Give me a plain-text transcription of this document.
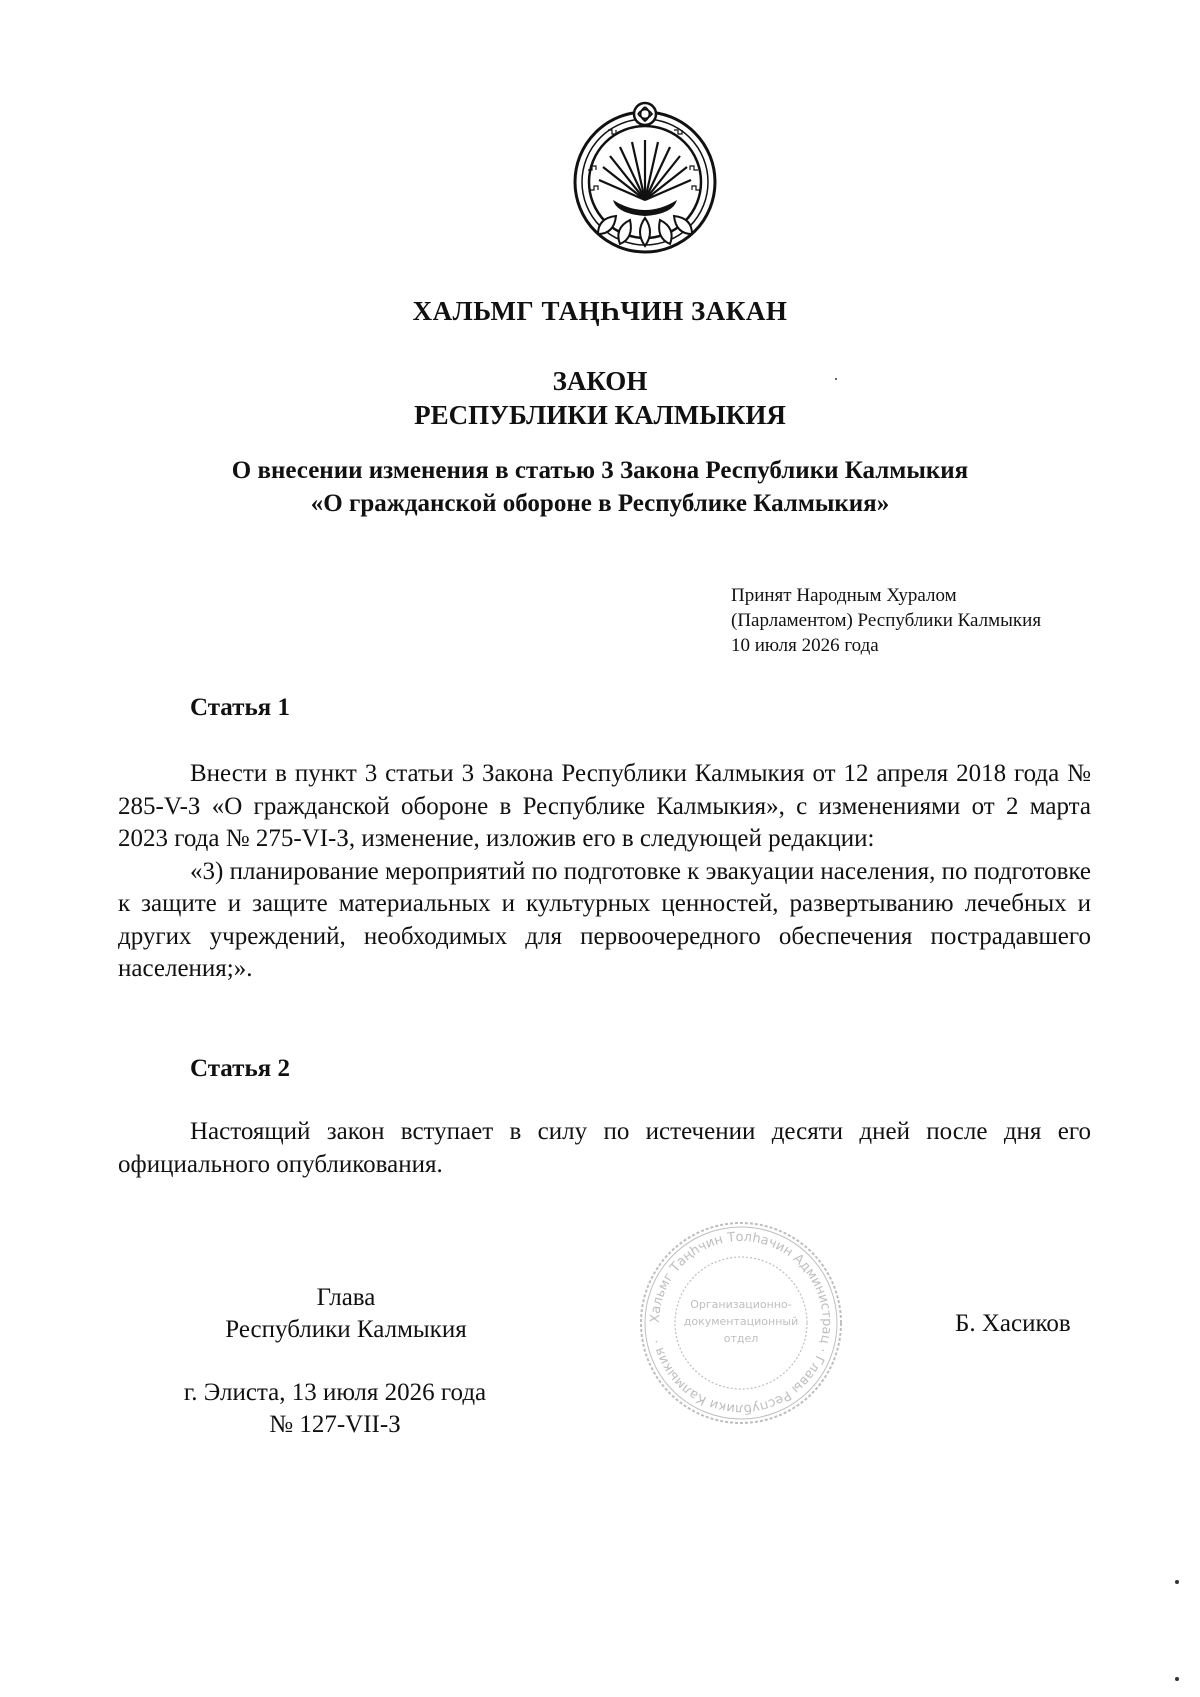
ХАЛЬМГ ТАҢҺЧИН ЗАКАН
ЗАКОН
РЕСПУБЛИКИ КАЛМЫКИЯ
О внесении изменения в статью 3 Закона Республики Калмыкия
«О гражданской обороне в Республике Калмыкия»
Принят Народным Хуралом
(Парламентом) Республики Калмыкия
10 июля 2026 года
Статья 1

Внести в пункт 3 статьи 3 Закона Республики Калмыкия от 12 апреля 2018 года № 285-V-З «О гражданской обороне в Республике Калмыкия», с изменениями от 2 марта 2023 года № 275-VI-З, изменение, изложив его в следующей редакции:

«3) планирование мероприятий по подготовке к эвакуации населения, по подготовке к защите и защите материальных и культурных ценностей, развертыванию лечебных и других учреждений, необходимых для первоочередного обеспечения пострадавшего населения;».

Статья 2

Настоящий закон вступает в силу по истечении десяти дней после дня его официального опубликования.

Глава
Республики Калмыкия	Б. Хасиков
г. Элиста, 13 июля 2026 года
№ 127-VII-З
Хальмг Таңһчин Толһачин Администрац · Главы Республики Калмыкия ·
Организационно-
документационный
отдел
